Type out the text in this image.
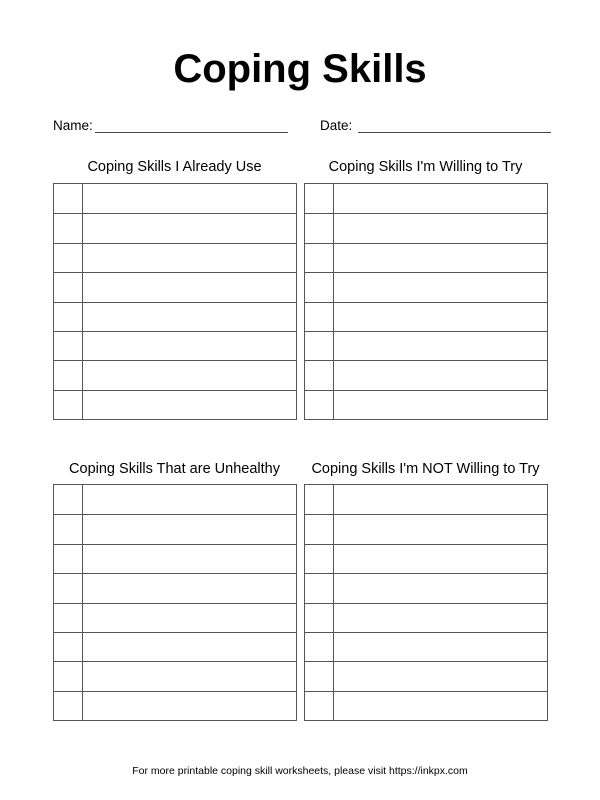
Coping Skills
Name:	Date:
Coping Skills I Already Use	Coping Skills I'm Willing to Try
Coping Skills That are Unhealthy	Coping Skills I'm NOT Willing to Try
For more printable coping skill worksheets, please visit https://inkpx.com
